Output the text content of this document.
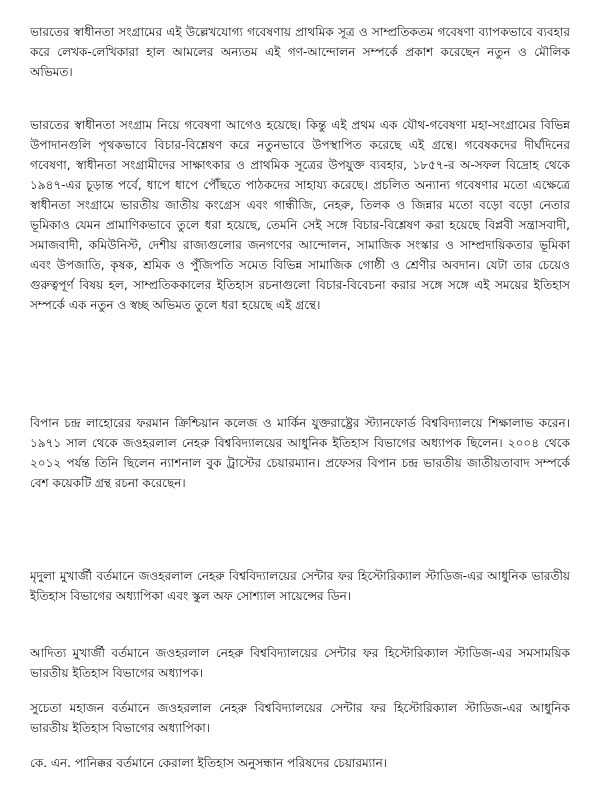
ভারতের স্বাধীনতা সংগ্রামের এই উল্লেখযোগ্য গবেষণায় প্রাথমিক সূত্র ও সাম্প্রতিকতম গবেষণা ব্যাপকভাবে ব্যবহার করে লেখক-লেখিকারা হাল আমলের অন্যতম এই গণ-আন্দোলন সম্পর্কে প্রকাশ করেছেন নতুন ও মৌলিক অভিমত।

ভারতের স্বাধীনতা সংগ্রাম নিয়ে গবেষণা আগেও হয়েছে। কিন্তু এই প্রথম এক যৌথ-গবেষণা মহা-সংগ্রামের বিভিন্ন উপাদানগুলি পৃথকভাবে বিচার-বিশ্লেষণ করে নতুনভাবে উপস্থাপিত করেছে এই গ্রন্থে। গবেষকদের দীর্ঘদিনের গবেষণা, স্বাধীনতা সংগ্রামীদের সাক্ষাৎকার ও প্রাথমিক সূত্রের উপযুক্ত ব্যবহার, ১৮৫৭-র অ-সফল বিদ্রোহ থেকে ১৯৪৭-এর চূড়ান্ত পর্বে, ধাপে ধাপে পৌঁছতে পাঠকদের সাহায্য করেছে। প্রচলিত অন্যান্য গবেষণার মতো এক্ষেত্রে স্বাধীনতা সংগ্রামে ভারতীয় জাতীয় কংগ্রেস এবং গান্ধীজি, নেহরু, তিলক ও জিন্নার মতো বড়ো বড়ো নেতার ভূমিকাও যেমন প্রামাণিকভাবে তুলে ধরা হয়েছে, তেমনি সেই সঙ্গে বিচার-বিশ্লেষণ করা হয়েছে বিপ্লবী সন্ত্রাসবাদী, সমাজবাদী, কমিউনিস্ট, দেশীয় রাজ্যগুলোর জনগণের আন্দোলন, সামাজিক সংস্কার ও সাম্প্রদায়িকতার ভূমিকা এবং উপজাতি, কৃষক, শ্রমিক ও পুঁজিপতি সমেত বিভিন্ন সামাজিক গোষ্ঠী ও শ্রেণীর অবদান। যেটা তার চেয়েও গুরুত্বপূর্ণ বিষয় হল, সাম্প্রতিককালের ইতিহাস রচনাগুলো বিচার-বিবেচনা করার সঙ্গে সঙ্গে এই সময়ের ইতিহাস সম্পর্কে এক নতুন ও স্বচ্ছ অভিমত তুলে ধরা হয়েছে এই গ্রন্থে।

বিপান চন্দ্র লাহোরের ফরমান ক্রিশ্চিয়ান কলেজ ও মার্কিন যুক্তরাষ্ট্রের স্ট্যানফোর্ড বিশ্ববিদ্যালয়ে শিক্ষালাভ করেন। ১৯৭১ সাল থেকে জওহরলাল নেহরু বিশ্ববিদ্যালয়ের আধুনিক ইতিহাস বিভাগের অধ্যাপক ছিলেন। ২০০৪ থেকে ২০১২ পর্যন্ত তিনি ছিলেন ন্যাশনাল বুক ট্রাস্টের চেয়ারম্যান। প্রফেসর বিপান চন্দ্র ভারতীয় জাতীয়তাবাদ সম্পর্কে বেশ কয়েকটি গ্রন্থ রচনা করেছেন।

মৃদুলা মুখার্জী বর্তমানে জওহরলাল নেহরু বিশ্ববিদ্যালয়ের সেন্টার ফর হিস্টোরিক্যাল স্টাডিজ-এর আধুনিক ভারতীয় ইতিহাস বিভাগের অধ্যাপিকা এবং স্কুল অফ সোশ্যাল সায়েন্সের ডিন।

আদিত্য মুখার্জী বর্তমানে জওহরলাল নেহরু বিশ্ববিদ্যালয়ের সেন্টার ফর হিস্টোরিক্যাল স্টাডিজ-এর সমসাময়িক ভারতীয় ইতিহাস বিভাগের অধ্যাপক।

সুচেতা মহাজন বর্তমানে জওহরলাল নেহরু বিশ্ববিদ্যালয়ের সেন্টার ফর হিস্টোরিক্যাল স্টাডিজ-এর আধুনিক ভারতীয় ইতিহাস বিভাগের অধ্যাপিকা।

কে. এন. পানিক্কর বর্তমানে কেরালা ইতিহাস অনুসন্ধান পরিষদের চেয়ারম্যান।
